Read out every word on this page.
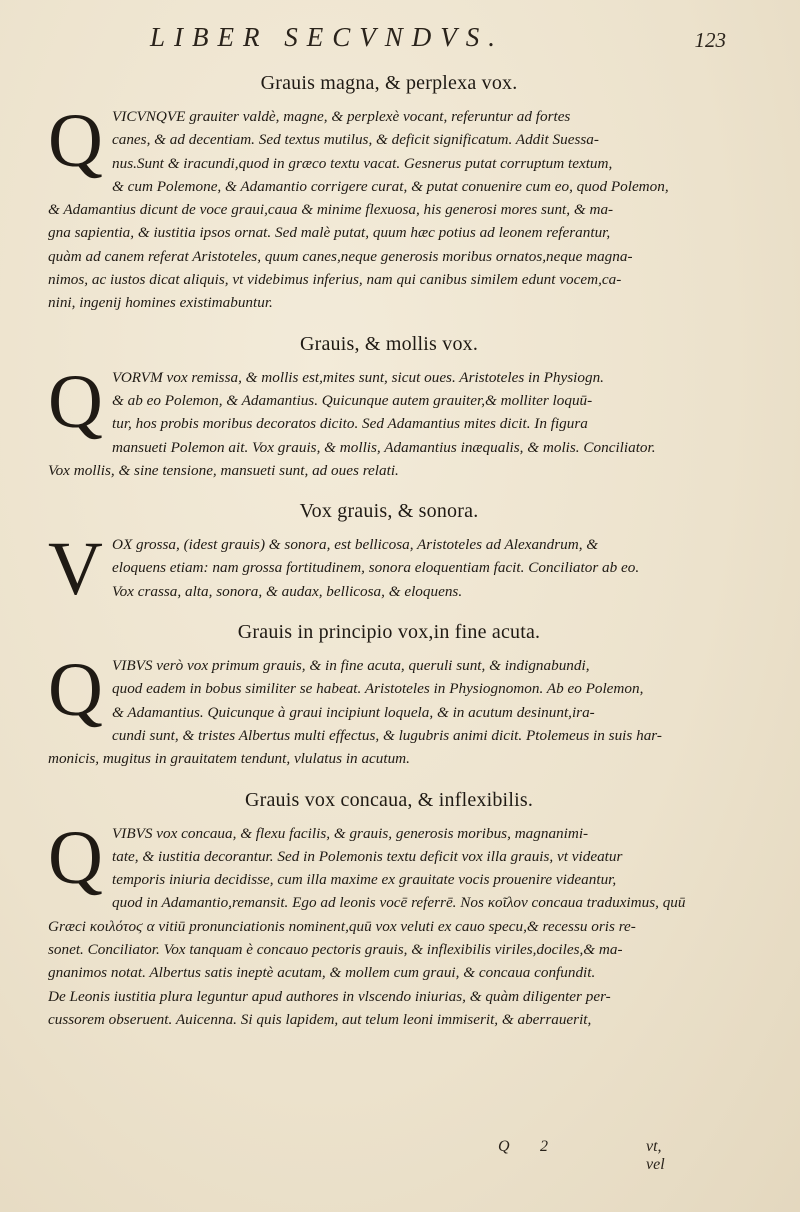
LIBER SECVNDVS.	123
Grauis magna, & perplexa vox.
Q VICVNQVE grauiter valdè, magne, & perplexè vocant, referuntur ad fortes
canes, & ad decentiam. Sed textus mutilus, & deficit significatum. Addit Suessa-
nus.Sunt & iracundi,quod in græco textu vacat. Gesnerus putat corruptum textum,
& cum Polemone, & Adamantio corrigere curat, & putat conuenire cum eo, quod Polemon,
& Adamantius dicunt de voce graui,caua & minime flexuosa, his generosi mores sunt, & ma-
gna sapientia, & iustitia ipsos ornat. Sed malè putat, quum hæc potius ad leonem referantur,
quàm ad canem referat Aristoteles, quum canes,neque generosis moribus ornatos,neque magna-
nimos, ac iustos dicat aliquis, vt videbimus inferius, nam qui canibus similem edunt vocem,ca-
nini, ingenij homines existimabuntur.
Grauis, & mollis vox.
Q VORVM vox remissa, & mollis est,mites sunt, sicut oues. Aristoteles in Physiogn.
& ab eo Polemon, & Adamantius. Quicunque autem grauiter,& molliter loquū-
tur, hos probis moribus decoratos dicito. Sed Adamantius mites dicit. In figura
mansueti Polemon ait. Vox grauis, & mollis, Adamantius inæqualis, & molis. Conciliator.
Vox mollis, & sine tensione, mansueti sunt, ad oues relati.
Vox grauis, & sonora.
V OX grossa, (idest grauis) & sonora, est bellicosa, Aristoteles ad Alexandrum, &
eloquens etiam: nam grossa fortitudinem, sonora eloquentiam facit. Conciliator ab eo.
Vox crassa, alta, sonora, & audax, bellicosa, & eloquens.
Grauis in principio vox,in fine acuta.
Q VIBVS verò vox primum grauis, & in fine acuta, queruli sunt, & indignabundi,
quod eadem in bobus similiter se habeat. Aristoteles in Physiognomon. Ab eo Polemon,
& Adamantius. Quicunque à graui incipiunt loquela, & in acutum desinunt,ira-
cundi sunt, & tristes Albertus multi effectus, & lugubris animi dicit. Ptolemeus in suis har-
monicis, mugitus in grauitatem tendunt, vlulatus in acutum.
Grauis vox concaua, & inflexibilis.
Q VIBVS vox concaua, & flexu facilis, & grauis, generosis moribus, magnanimi-
tate, & iustitia decorantur. Sed in Polemonis textu deficit vox illa grauis, vt videatur
temporis iniuria decidisse, cum illa maxime ex grauitate vocis prouenire videantur,
quod in Adamantio,remansit. Ego ad leonis vocē referrē. Nos κοῖλον concaua traduximus, quū
Græci κοιλότοϛ α vitiū pronunciationis nominent,quū vox veluti ex cauo specu,& recessu oris re-
sonet. Conciliator. Vox tanquam è concauo pectoris grauis, & inflexibilis viriles,dociles,& ma-
gnanimos notat. Albertus satis ineptè acutam, & mollem cum graui, & concaua confundit.
De Leonis iustitia plura leguntur apud authores in vlscendo iniurias, & quàm diligenter per-
cussorem obseruent. Auicenna. Si quis lapidem, aut telum leoni immiserit, & aberrauerit,
Q 2	vt, vel
